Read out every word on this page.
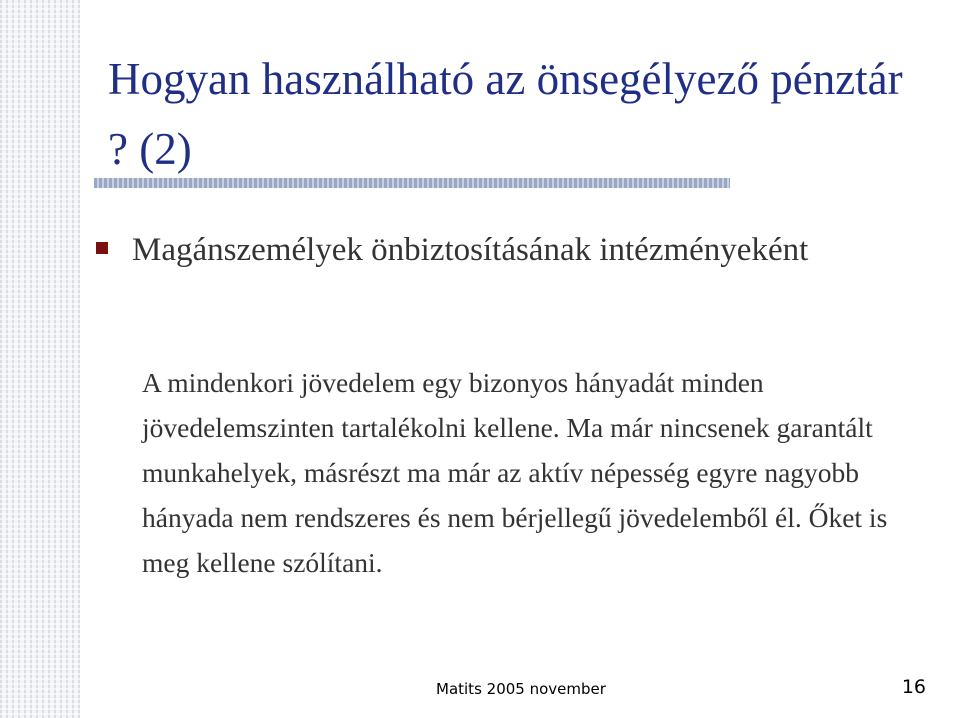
Hogyan használható az önsegélyező pénztár ? (2)
Magánszemélyek önbiztosításának intézményeként

A mindenkori jövedelem egy bizonyos hányadát minden jövedelemszinten tartalékolni kellene. Ma már nincsenek garantált munkahelyek, másrészt ma már az aktív népesség egyre nagyobb hányada nem rendszeres és nem bérjellegű jövedelemből él. Őket is meg kellene szólítani.

Matits 2005 november	16
